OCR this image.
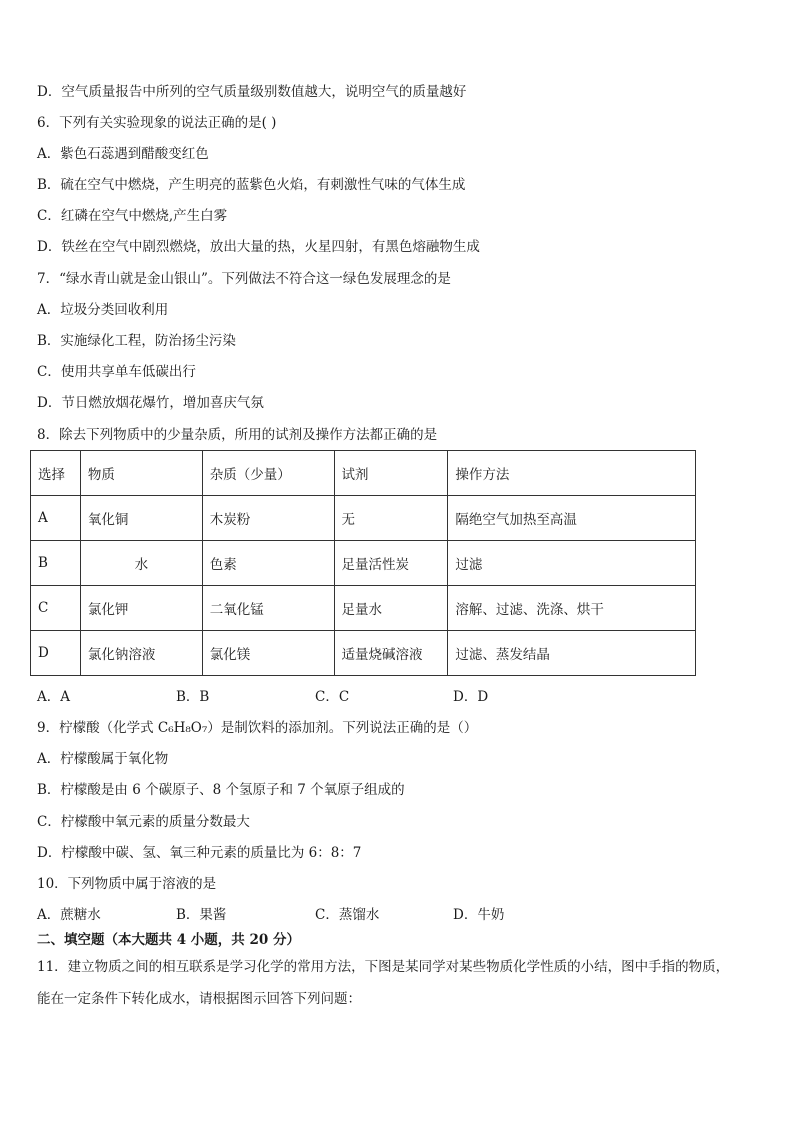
D．空气质量报告中所列的空气质量级别数值越大，说明空气的质量越好
6．下列有关实验现象的说法正确的是( )
A．紫色石蕊遇到醋酸变红色
B．硫在空气中燃烧，产生明亮的蓝紫色火焰，有刺激性气味的气体生成
C．红磷在空气中燃烧,产生白雾
D．铁丝在空气中剧烈燃烧，放出大量的热，火星四射，有黑色熔融物生成
7．“绿水青山就是金山银山”。下列做法不符合这一绿色发展理念的是
A．垃圾分类回收利用
B．实施绿化工程，防治扬尘污染
C．使用共享单车低碳出行
D．节日燃放烟花爆竹，增加喜庆气氛
8．除去下列物质中的少量杂质，所用的试剂及操作方法都正确的是
选择	物质	杂质（少量）	试剂	操作方法
A	氧化铜	木炭粉	无	隔绝空气加热至高温
B	水	色素	足量活性炭	过滤
C	氯化钾	二氧化锰	足量水	溶解、过滤、洗涤、烘干
D	氯化钠溶液	氯化镁	适量烧碱溶液	过滤、蒸发结晶
A．A	B．B	C．C	D．D
9．柠檬酸（化学式 C₆H₈O₇）是制饮料的添加剂。下列说法正确的是（）
A．柠檬酸属于氧化物
B．柠檬酸是由 6 个碳原子、8 个氢原子和 7 个氧原子组成的
C．柠檬酸中氧元素的质量分数最大
D．柠檬酸中碳、氢、氧三种元素的质量比为 6：8：7
10．下列物质中属于溶液的是
A．蔗糖水	B．果酱	C．蒸馏水	D．牛奶
二、填空题（本大题共 4 小题，共 20 分）
11．建立物质之间的相互联系是学习化学的常用方法，下图是某同学对某些物质化学性质的小结，图中手指的物质，
能在一定条件下转化成水，请根据图示回答下列问题：
